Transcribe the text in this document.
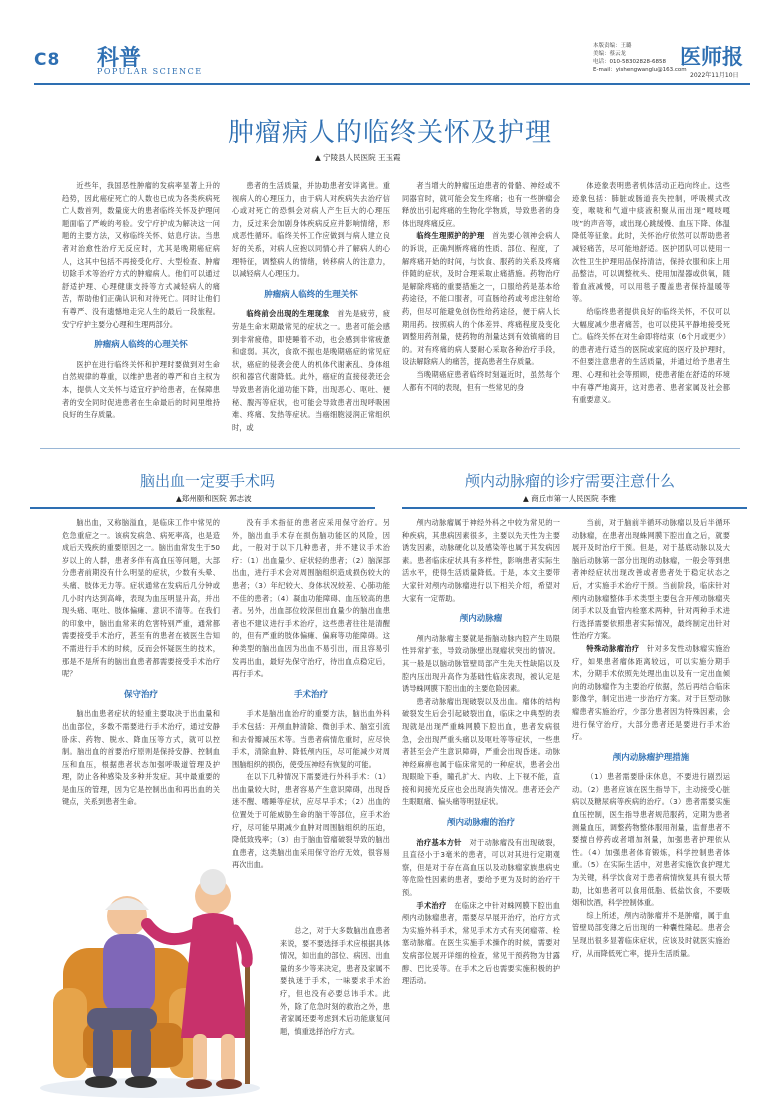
C8 科普
POPULAR SCIENCE
本版责编：王璐
美编：蔡云龙
电话：010-58302828-6858
E-mail：yishengwanglu@163.com
医师报
2022年11月10日
肿瘤病人的临终关怀及护理
▲ 宁陵县人民医院 王玉霞

近些年，我国恶性肿瘤的发病率显著上升的趋势，因此癌症死亡的人数也已成为各类疾病死亡人数首列，数量庞大的患者临终关怀及护理问题面临了严峻的考验。安宁疗护成为解决这一问题的主要方法，又称临终关怀、姑息疗法。当患者对治愈性治疗无反应时，尤其是晚期癌症病人，这其中包括不再接受化疗、大型检查、肿瘤切除手术等治疗方式的肿瘤病人。他们可以通过舒适护理、心理健康支持等方式减轻病人的痛苦，帮助他们正确认识和对待死亡。同时让他们有尊严、没有遗憾地走完人生的最后一段旅程。安宁疗护主要分心理和生理两部分。

肿瘤病人临终的心理关怀

医护在进行临终关怀和护理时要做到对生命自然规律的尊重，以维护患者的尊严和自主权为本，提供人文关怀与适宜疗护给患者，在保障患者的安全同时促进患者在生命最后的时间里维持良好的生存质量。

患者的生活质量，并协助患者安详离世。重视病人的心理压力，由于病人对疾病失去治疗信心或对死亡的恐惧会对病人产生巨大的心理压力，反过来会加剧身体疾病反应并影响情绪，形成恶性循环。临终关怀工作应做到与病人建立良好的关系，对病人应抱以同情心并了解病人的心理特征，调整病人的情绪，转移病人的注意力，以减轻病人心理压力。

肿瘤病人临终的生理关怀

临终前会出现的生理现象　 首先是疲劳，疲劳是生命末期最常见的症状之一。患者可能会感到非常疲倦，即使睡着不动，也会感到非常疲惫和虚弱。其次，食欲不振也是晚期癌症的常见症状，癌症的侵袭会使人的机体代谢紊乱、身体组织和器官代谢降低。此外，癌症的直接侵袭还会导致患者消化道功能下降，出现恶心、呕吐、便秘、腹泻等症状，也可能会导致患者出现呼吸困难、疼痛、发热等症状。当癌细胞浸润正常组织时，或

者当增大的肿瘤压迫患者的骨骼、神经或不同器官时，就可能会发生疼痛；也有一些肿瘤会释放出引起疼痛的生物化学物质，导致患者的身体出现疼痛反应。

临终生理照护的护理　 首先要心领神会病人的诉说，正确判断疼痛的性质、部位、程度，了解疼痛开始的时间，与饮食、服药的关系及疼痛伴随的症状，及时合理采取止痛措施。药物治疗是解除疼痛的重要措施之一，口服给药是基本给药途径，不能口服者，可直肠给药或考虑注射给药，但尽可能避免创伤性给药途径，便于病人长期用药。按照病人的个体差异、疼痛程度及变化调整用药剂量，使药物的剂量达到有效镇痛的目的。对有疼痛的病人要耐心采取各种治疗手段，设法解除病人的痛苦，提高患者生存质量。

当晚期癌症患者临终时刻逼近时，虽然每个人都有不同的表现，但有一些常见的身

体迹象表明患者机体活动正趋向终止。这些迹象包括：肺脏或肠道丧失控制，呼吸模式改变，喉咙和气道中痰液积聚从而出现“嘎吱嘎吱”的声音等，或出现心跳缓慢、血压下降、体温降低等征象。此时，关怀治疗依然可以帮助患者减轻痛苦，尽可能地舒适。医护团队可以使用一次性卫生护理用品保持清洁，保持衣服和床上用品整洁，可以调整枕头、使用加湿器或供氧，随着血液减慢，可以用毯子覆盖患者保持温暖等等。

给临终患者提供良好的临终关怀，不仅可以大幅度减少患者痛苦，也可以使其平静地接受死亡。临终关怀在对生命即将结束（6个月或更少）的患者进行适当的医院或家庭的医疗及护理时，不但要注意患者的生活质量，并通过给予患者生理、心理和社会等照顾，使患者能在舒适的环境中有尊严地离开，这对患者、患者家属及社会都有重要意义。

脑出血一定要手术吗
▲郑州颐和医院 郭志波

脑出血，又称脑溢血，是临床工作中常见的危急重症之一。该病发病急、病死率高，也是造成后天残疾的重要原因之一。脑出血常发生于50岁以上的人群，患者多伴有高血压等问题，大部分患者前期没有什么明显的症状，少数有头晕、头痛、肢体无力等。症状通常在发病后几分钟或几小时内达到高峰，表现为血压明显升高，并出现头痛、呕吐、肢体偏瘫、意识不清等。在我们的印象中，脑出血常来的危害特别严重，通常都需要接受手术治疗，甚至有的患者在被医生告知不需进行手术的时候，反而会怀疑医生的技术，那是不是所有的脑出血患者都需要接受手术治疗呢？

保守治疗

脑出血患者症状的轻重主要取决于出血量和出血部位，多数不需要进行手术治疗，通过安静卧床、药物、脱水、降血压等方式，就可以控制。脑出血的首要治疗原则是保持安静、控制血压和血压，根据患者状态加强呼吸道管理及护理，防止各种感染及多种并发症。其中最重要的是血压的管理，因为它是控制出血和再出血的关键点，关系到患者生命。

没有手术指征的患者应采用保守治疗。另外，脑出血手术存在损伤脑功能区的风险，因此，一般对于以下几种患者，并不建议手术治疗：（1）出血量少、症状轻的患者；（2）脑深部出血，进行手术会对周围脑组织造成损伤较大的患者；（3）年纪较大、身体状况较差、心肺功能不佳的患者；（4）凝血功能障碍、血压较高的患者。另外，出血部位较深但出血量少的脑出血患者也不建议进行手术治疗，这些患者往往是清醒的，但有严重的肢体偏瘫、偏麻等功能障碍。这种类型的脑出血因为出血不易引出，而且容易引发再出血，最好先保守治疗，待出血点稳定后，再行手术。

手术治疗

手术是脑出血治疗的重要方法，脑出血外科手术包括：开颅血肿清除、微创手术、脑室引流和去骨瓣减压术等。当患者病情危重时，应尽快手术，清除血肿、降低颅内压，尽可能减少对周围脑组织的损伤，使受压神经有恢复的可能。

在以下几种情况下需要进行外科手术：（1）出血量较大时，患者容易产生意识障碍，出现昏迷不醒、嗜睡等症状，应尽早手术；（2）出血的位置处于可能威胁生命的脑干等部位，应手术治疗，尽可能早期减少血肿对周围脑组织的压迫，降低致残率；（3）由于脑血管瘤破裂导致的脑出血患者，这类脑出血采用保守治疗无效，很容易再次出血。

总之，对于大多数脑出血患者来说，要不要选择手术应根据具体情况，如出血的部位、病因、出血量的多少等来决定，患者及家属不要执迷于手术，一味要求手术治疗，但也没有必要总讳手术。此外，除了危急时刻的救治之外，患者家属还要考虑到术后功能康复问题，慎重选择治疗方式。

颅内动脉瘤的诊疗需要注意什么
▲ 商丘市第一人民医院 李雅

颅内动脉瘤属于神经外科之中较为常见的一种疾病，其患病因素很多，主要以先天性为主要诱发因素，动脉硬化以及感染等也属于其发病因素。患者临床症状具有多样性，影响患者实际生活水平，使得生活质量降低。于是，本文主要带大家针对颅内动脉瘤进行以下相关介绍，希望对大家有一定帮助。

颅内动脉瘤

颅内动脉瘤主要就是指脑动脉内腔产生局限性异常扩张，导致动脉壁出现瘤状突出的情况。其一般是以脑动脉管壁局部产生先天性缺陷以及腔内压出现升高作为基础性临床表现，被认定是诱导蛛网膜下腔出血的主要危险因素。

患者动脉瘤出现破裂以及出血。瘤体的结构破裂发生后会引起破裂出血，临床之中典型的表现就是出现严重蛛网膜下腔出血，患者发病很急，会出现严重头痛以及呕吐等等症状，一些患者甚至会产生意识障碍，严重会出现昏迷。动脉神经麻痹也属于临床常见的一种症状，患者会出现眼睑下垂，瞳孔扩大、内收、上下视不能，直接和间接光反应也会出现消失情况。患者还会产生眼眶痛、偏头痛等明显症状。

颅内动脉瘤的治疗

治疗基本方针　 对于动脉瘤没有出现破裂，且直径小于3毫米的患者，可以对其进行定期观察，但是对于存在高血压以及动脉瘤家族患病史等危险性因素的患者，要给予更为及时的治疗干预。

手术治疗　 在临床之中针对蛛网膜下腔出血颅内动脉瘤患者，需要尽早展开治疗，治疗方式为实施外科手术，常见手术方式有夹闭瘤蒂、栓塞动脉瘤。在医生实施手术操作的时候，需要对发病部位展开详细的检查，常见干预药物为甘露醇、巴比妥等。在手术之后也需要实施积极的护理活动。

当前，对于脑前半循环动脉瘤以及后半循环动脉瘤，在患者出现蛛网膜下腔出血之后，就要展开及时治疗干预。但是，对于基底动脉以及大脑后动脉第一部分出现的动脉瘤，一般会等到患者神经症状出现改善或者患者处于稳定状态之后，才实施手术治疗干预。当前阶段，临床针对颅内动脉瘤整体手术类型主要包含开颅动脉瘤夹闭手术以及血管内栓塞术两种，针对两种手术进行选择需要依照患者实际情况，最终制定出针对性治疗方案。

特殊动脉瘤治疗　 针对多发性动脉瘤实施治疗，如果患者瘤体距离较远，可以实施分期手术，分期手术依照先处理出血以及有一定出血倾向的动脉瘤作为主要治疗依据，然后再结合临床影像学，制定出进一步治疗方案。对于巨型动脉瘤患者实施治疗，少部分患者因为特殊因素，会进行保守治疗，大部分患者还是要进行手术治疗。

颅内动脉瘤护理措施

（1）患者需要卧床休息，不要进行剧烈运动。（2）患者应该在医生指导下，主动接受心脏病以及糖尿病等疾病的治疗。（3）患者需要实施血压控制，医生指导患者规范服药，定期为患者测量血压，调整药物整体服用剂量，监督患者不要擅自停药或者增加剂量，加强患者护理依从性。（4）加强患者体育锻炼，科学控制患者体重。（5）在实际生活中，对患者实施饮食护理尤为关键，科学饮食对于患者病情恢复具有很大帮助，比如患者可以食用低脂、低盐饮食，不要吸烟和饮酒，科学控制体重。

综上所述，颅内动脉瘤并不是肿瘤，属于血管壁局部变薄之后出现的一种囊性隆起。患者会呈现出很多显著临床症状，应该及时就医实施治疗，从而降低死亡率，提升生活质量。
